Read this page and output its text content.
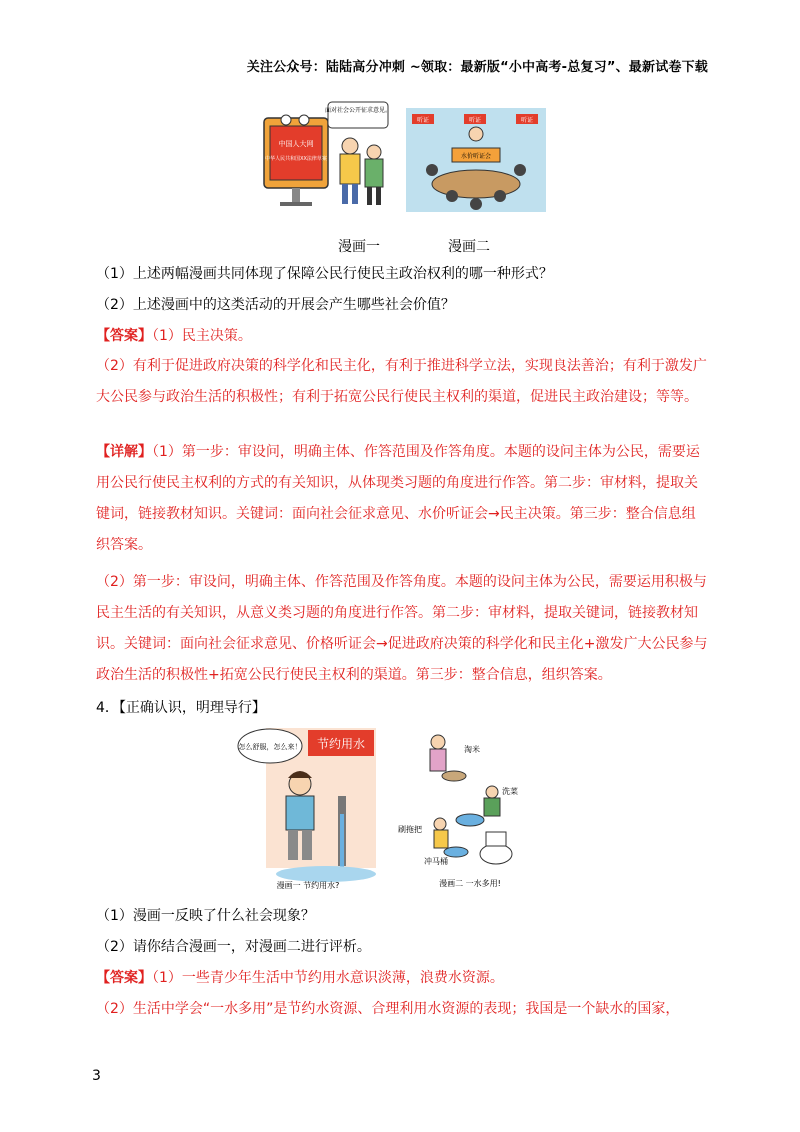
关注公众号：陆陆高分冲刺 ~领取：最新版“小中高考-总复习”、最新试卷下载
中国人大网
中华人民共和国XX法律草案
面对社会公开征求意见。
听证	听证	听证
水价听证会
漫画一	漫画二
（1）上述两幅漫画共同体现了保障公民行使民主政治权利的哪一种形式？
（2）上述漫画中的这类活动的开展会产生哪些社会价值？
【答案】（1）民主决策。
（2）有利于促进政府决策的科学化和民主化，有利于推进科学立法，实现良法善治；有利于激发广大公民参与政治生活的积极性；有利于拓宽公民行使民主权利的渠道，促进民主政治建设；等等。
【详解】（1）第一步：审设问，明确主体、作答范围及作答角度。本题的设问主体为公民，需要运用公民行使民主权利的方式的有关知识，从体现类习题的角度进行作答。第二步：审材料，提取关键词，链接教材知识。关键词：面向社会征求意见、水价听证会→民主决策。第三步：整合信息组织答案。
（2）第一步：审设问，明确主体、作答范围及作答角度。本题的设问主体为公民，需要运用积极与民主生活的有关知识，从意义类习题的角度进行作答。第二步：审材料，提取关键词，链接教材知识。关键词：面向社会征求意见、价格听证会→促进政府决策的科学化和民主化+激发广大公民参与政治生活的积极性+拓宽公民行使民主权利的渠道。第三步：整合信息，组织答案。
4．【正确认识，明理导行】
节约用水
怎么舒服，怎么来！
漫画一 节约用水?
淘米
洗菜
刷拖把
冲马桶
漫画二 一水多用!
（1）漫画一反映了什么社会现象？
（2）请你结合漫画一，对漫画二进行评析。
【答案】（1）一些青少年生活中节约用水意识淡薄，浪费水资源。
（2）生活中学会“一水多用”是节约水资源、合理利用水资源的表现；我国是一个缺水的国家，
3
